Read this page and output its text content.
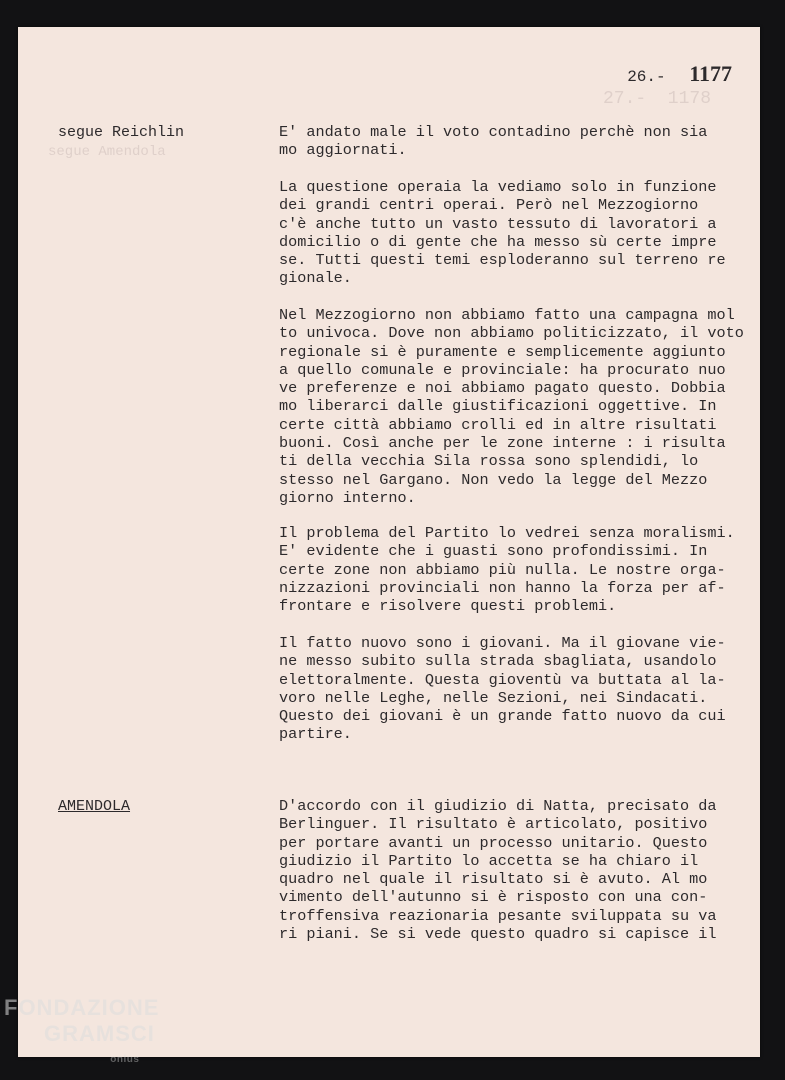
27.-  1178
segue Amendola
26.- 1177
segue Reichlin	E' andato male il voto contadino perchè non sia
mo aggiornati.

La questione operaia la vediamo solo in funzione
dei grandi centri operai. Però nel Mezzogiorno
c'è anche tutto un vasto tessuto di lavoratori a
domicilio o di gente che ha messo sù certe impre
se. Tutti questi temi esploderanno sul terreno re
gionale.

Nel Mezzogiorno non abbiamo fatto una campagna mol
to univoca. Dove non abbiamo politicizzato, il voto
regionale si è puramente e semplicemente aggiunto
a quello comunale e provinciale: ha procurato nuo
ve preferenze e noi abbiamo pagato questo. Dobbia
mo liberarci dalle giustificazioni oggettive. In
certe città abbiamo crolli ed in altre risultati
buoni. Così anche per le zone interne : i risulta
ti della vecchia Sila rossa sono splendidi, lo
stesso nel Gargano. Non vedo la legge del Mezzo
giorno interno.

Il problema del Partito lo vedrei senza moralismi.
E' evidente che i guasti sono profondissimi. In
certe zone non abbiamo più nulla. Le nostre orga-
nizzazioni provinciali non hanno la forza per af-
frontare e risolvere questi problemi.

Il fatto nuovo sono i giovani. Ma il giovane vie-
ne messo subito sulla strada sbagliata, usandolo
elettoralmente. Questa gioventù va buttata al la-
voro nelle Leghe, nelle Sezioni, nei Sindacati.
Questo dei giovani è un grande fatto nuovo da cui
partire.

AMENDOLA	D'accordo con il giudizio di Natta, precisato da
Berlinguer. Il risultato è articolato, positivo
per portare avanti un processo unitario. Questo
giudizio il Partito lo accetta se ha chiaro il
quadro nel quale il risultato si è avuto. Al mo
vimento dell'autunno si è risposto con una con-
troffensiva reazionaria pesante sviluppata su va
ri piani. Se si vede questo quadro si capisce il

FONDAZIONE
GRAMSCI
onlus
